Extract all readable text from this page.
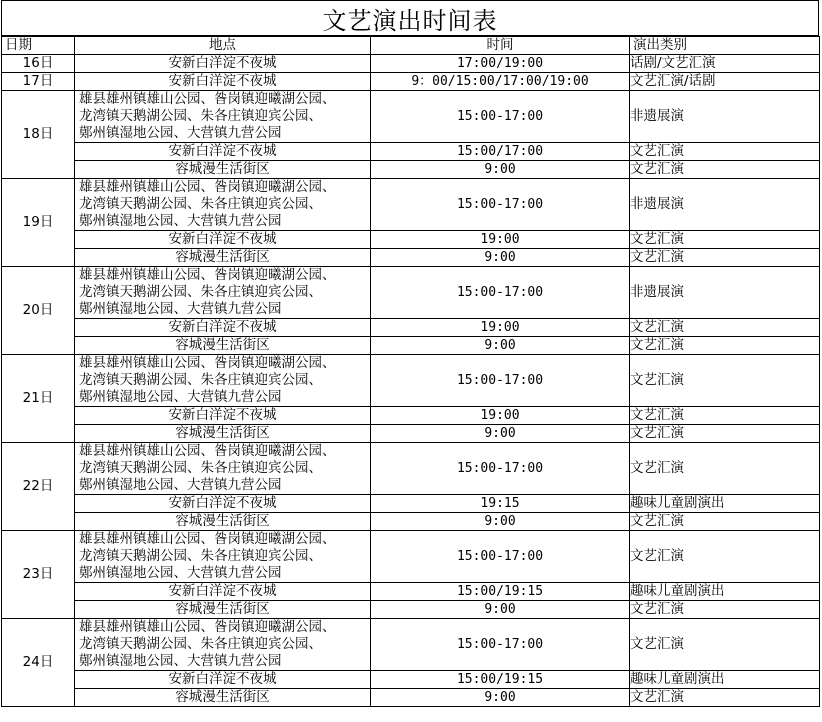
文艺演出时间表
日期	地点	时间	演出类别
16日	安新白洋淀不夜城	17:00/19:00	话剧/文艺汇演
17日	安新白洋淀不夜城	9：00/15:00/17:00/19:00	文艺汇演/话剧
18日	雄县雄州镇雄山公园、昝岗镇迎曦湖公园、
龙湾镇天鹅湖公园、朱各庄镇迎宾公园、
鄚州镇湿地公园、大营镇九营公园	15:00-17:00	非遗展演

	安新白洋淀不夜城	15:00/17:00	文艺汇演

	容城漫生活街区	9:00	文艺汇演
19日	雄县雄州镇雄山公园、昝岗镇迎曦湖公园、
龙湾镇天鹅湖公园、朱各庄镇迎宾公园、
鄚州镇湿地公园、大营镇九营公园	15:00-17:00	非遗展演

	安新白洋淀不夜城	19:00	文艺汇演

	容城漫生活街区	9:00	文艺汇演
20日	雄县雄州镇雄山公园、昝岗镇迎曦湖公园、
龙湾镇天鹅湖公园、朱各庄镇迎宾公园、
鄚州镇湿地公园、大营镇九营公园	15:00-17:00	非遗展演

	安新白洋淀不夜城	19:00	文艺汇演

	容城漫生活街区	9:00	文艺汇演
21日	雄县雄州镇雄山公园、昝岗镇迎曦湖公园、
龙湾镇天鹅湖公园、朱各庄镇迎宾公园、
鄚州镇湿地公园、大营镇九营公园	15:00-17:00	文艺汇演

	安新白洋淀不夜城	19:00	文艺汇演

	容城漫生活街区	9:00	文艺汇演
22日	雄县雄州镇雄山公园、昝岗镇迎曦湖公园、
龙湾镇天鹅湖公园、朱各庄镇迎宾公园、
鄚州镇湿地公园、大营镇九营公园	15:00-17:00	文艺汇演

	安新白洋淀不夜城	19:15	趣味儿童剧演出

	容城漫生活街区	9:00	文艺汇演
23日	雄县雄州镇雄山公园、昝岗镇迎曦湖公园、
龙湾镇天鹅湖公园、朱各庄镇迎宾公园、
鄚州镇湿地公园、大营镇九营公园	15:00-17:00	文艺汇演

	安新白洋淀不夜城	15:00/19:15	趣味儿童剧演出

	容城漫生活街区	9:00	文艺汇演
24日	雄县雄州镇雄山公园、昝岗镇迎曦湖公园、
龙湾镇天鹅湖公园、朱各庄镇迎宾公园、
鄚州镇湿地公园、大营镇九营公园	15:00-17:00	文艺汇演

	安新白洋淀不夜城	15:00/19:15	趣味儿童剧演出

	容城漫生活街区	9:00	文艺汇演
